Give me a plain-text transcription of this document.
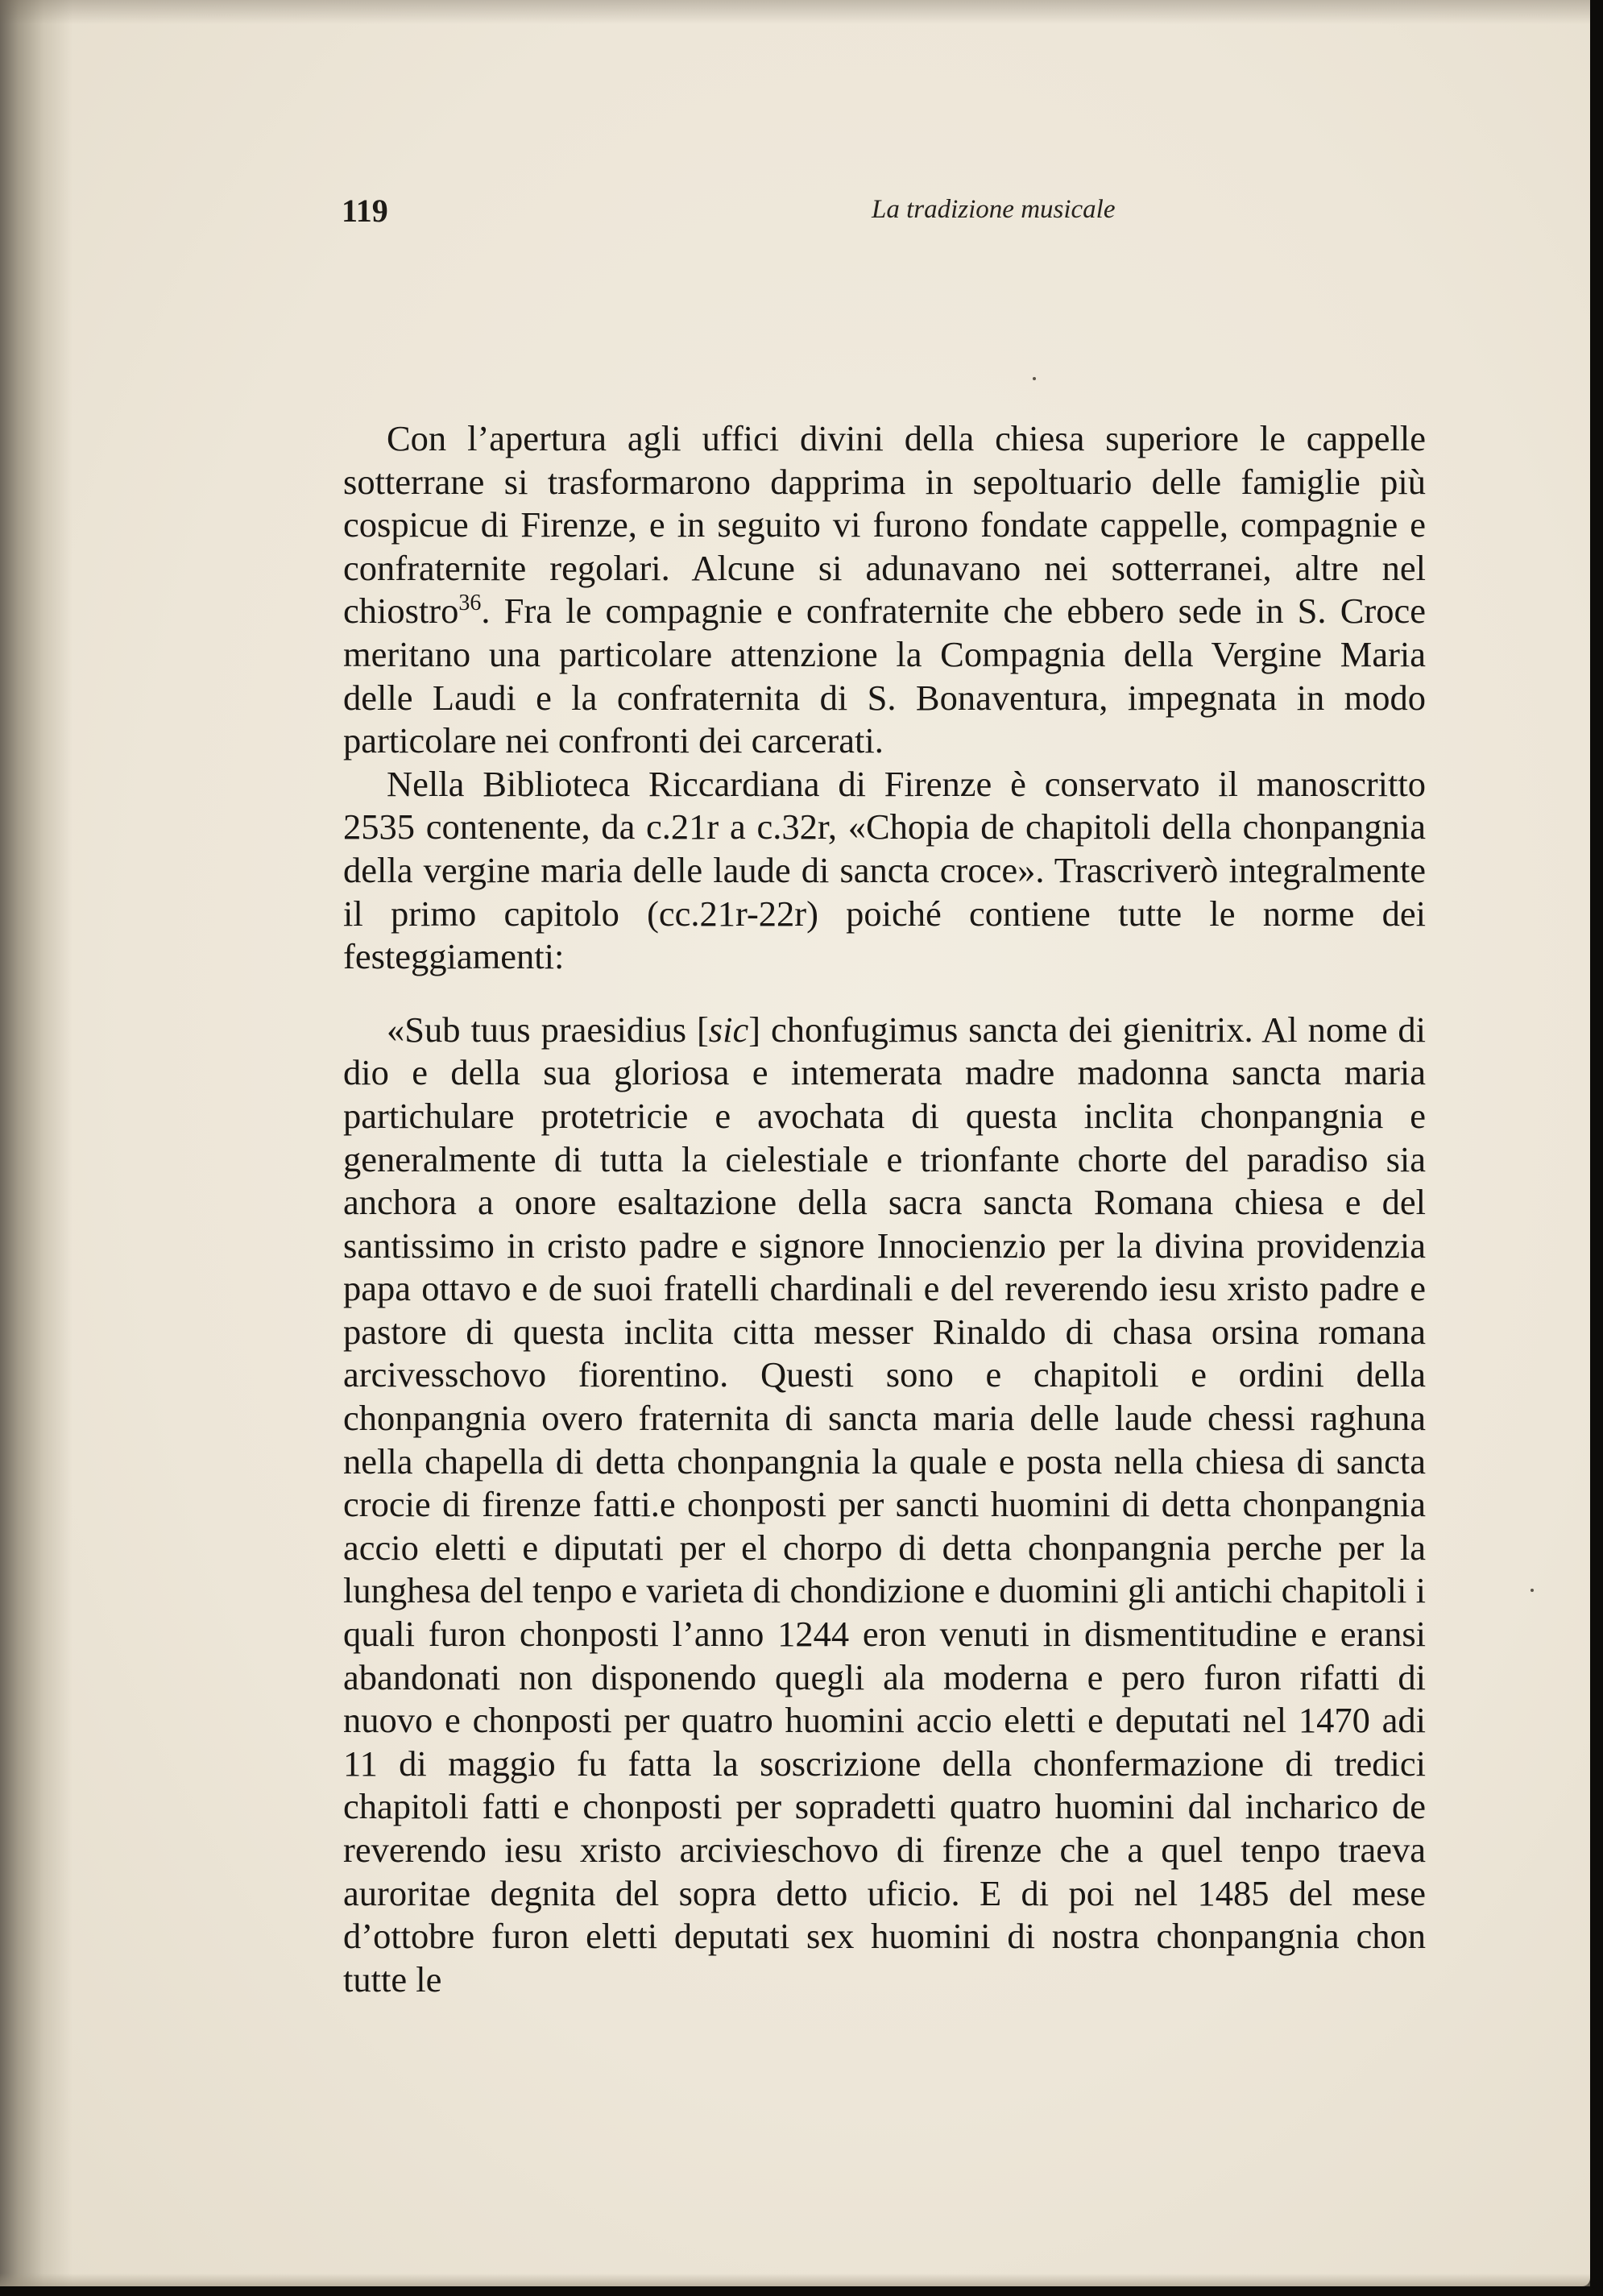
119	La tradizione musicale

Con l’apertura agli uffici divini della chiesa superiore le cappelle sotterrane si trasformarono dapprima in sepoltuario delle famiglie più cospicue di Firenze, e in seguito vi furono fondate cappelle, compagnie e confraternite regolari. Alcune si adunavano nei sotterranei, altre nel chiostro$^{36}$. Fra le compagnie e confraternite che ebbero sede in S. Croce meritano una particolare attenzione la Compagnia della Vergine Maria delle Laudi e la confraternita di S. Bonaventura, impegnata in modo particolare nei confronti dei carcerati.

Nella Biblioteca Riccardiana di Firenze è conservato il manoscritto 2535 contenente, da c.21r a c.32r, «Chopia de chapitoli della chonpangnia della vergine maria delle laude di sancta croce». Trascriverò integralmente il primo capitolo (cc.21r-22r) poiché contiene tutte le norme dei festeggiamenti:

«Sub tuus praesidius [sic] chonfugimus sancta dei gienitrix. Al nome di dio e della sua gloriosa e intemerata madre madonna sancta maria partichulare protetricie e avochata di questa inclita chonpangnia e generalmente di tutta la cielestiale e trionfante chorte del paradiso sia anchora a onore esaltazione della sacra sancta Romana chiesa e del santissimo in cristo padre e signore Innocienzio per la divina providenzia papa ottavo e de suoi fratelli chardinali e del reverendo iesu xristo padre e pastore di questa inclita citta messer Rinaldo di chasa orsina romana arcivesschovo fiorentino. Questi sono e chapitoli e ordini della chonpangnia overo fraternita di sancta maria delle laude chessi raghuna nella chapella di detta chonpangnia la quale e posta nella chiesa di sancta crocie di firenze fatti.e chonposti per sancti huomini di detta chonpangnia accio eletti e diputati per el chorpo di detta chonpangnia perche per la lunghesa del tenpo e varieta di chondizione e duomini gli antichi chapitoli i quali furon chonposti l’anno 1244 eron venuti in dismentitudine e eransi abandonati non disponendo quegli ala moderna e pero furon rifatti di nuovo e chonposti per quatro huomini accio eletti e deputati nel 1470 adi 11 di maggio fu fatta la soscrizione della chonfermazione di tredici chapitoli fatti e chonposti per sopradetti quatro huomini dal incharico de reverendo iesu xristo arcivieschovo di firenze che a quel tenpo traeva auroritae degnita del sopra detto uficio. E di poi nel 1485 del mese d’ottobre furon eletti deputati sex huomini di nostra chonpangnia chon tutte le
